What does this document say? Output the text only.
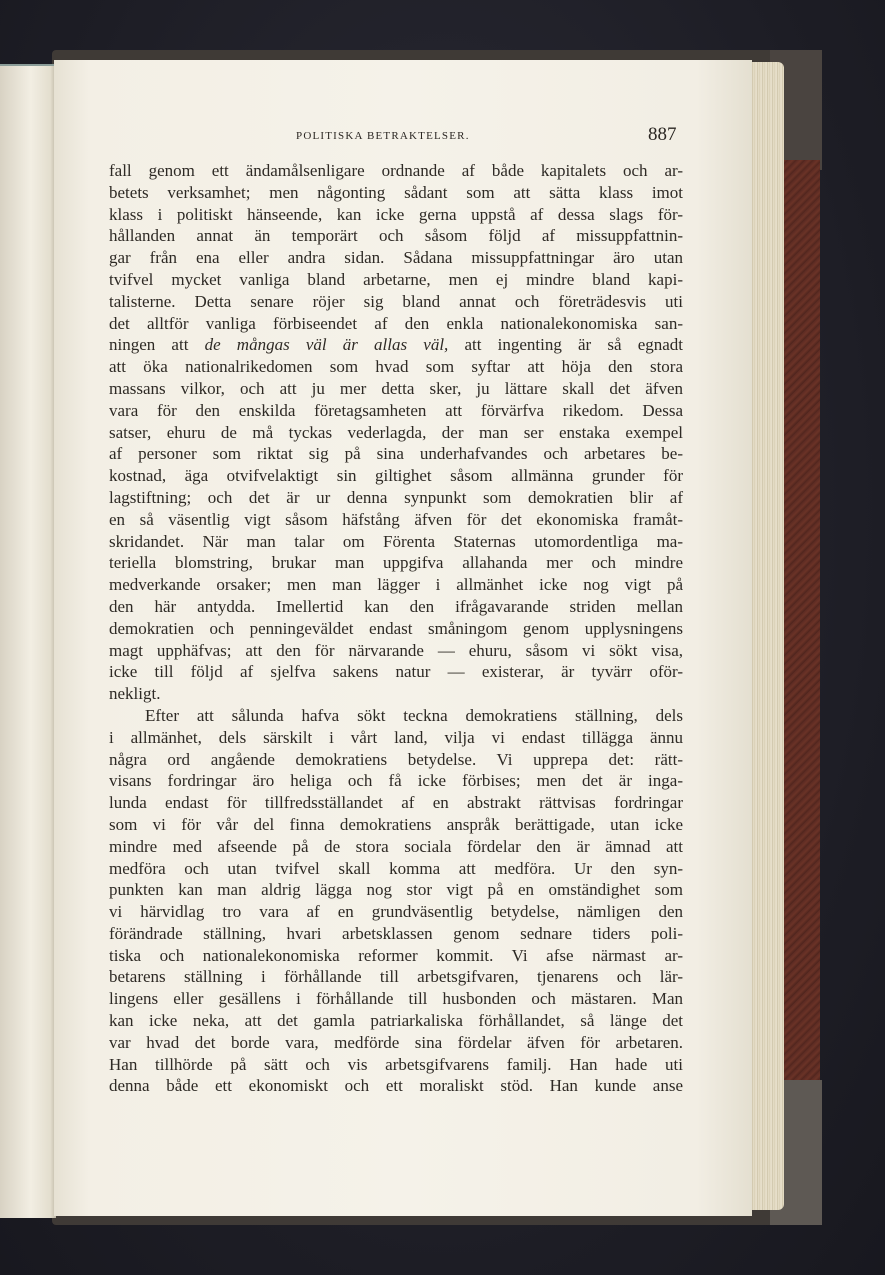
POLITISKA BETRAKTELSER.	887
fall genom ett ändamålsenligare ordnande af både kapitalets och ar-
betets verksamhet; men någonting sådant som att sätta klass imot
klass i politiskt hänseende, kan icke gerna uppstå af dessa slags för-
hållanden annat än temporärt och såsom följd af missuppfattnin-
gar från ena eller andra sidan. Sådana missuppfattningar äro utan
tvifvel mycket vanliga bland arbetarne, men ej mindre bland kapi-
talisterne. Detta senare röjer sig bland annat och företrädesvis uti
det alltför vanliga förbiseendet af den enkla nationalekonomiska san-
ningen att de mångas väl är allas väl, att ingenting är så egnadt
att öka nationalrikedomen som hvad som syftar att höja den stora
massans vilkor, och att ju mer detta sker, ju lättare skall det äfven
vara för den enskilda företagsamheten att förvärfva rikedom. Dessa
satser, ehuru de må tyckas vederlagda, der man ser enstaka exempel
af personer som riktat sig på sina underhafvandes och arbetares be-
kostnad, äga otvifvelaktigt sin giltighet såsom allmänna grunder för
lagstiftning; och det är ur denna synpunkt som demokratien blir af
en så väsentlig vigt såsom häfstång äfven för det ekonomiska framåt-
skridandet. När man talar om Förenta Staternas utomordentliga ma-
teriella blomstring, brukar man uppgifva allahanda mer och mindre
medverkande orsaker; men man lägger i allmänhet icke nog vigt på
den här antydda. Imellertid kan den ifrågavarande striden mellan
demokratien och penningeväldet endast småningom genom upplysningens
magt upphäfvas; att den för närvarande — ehuru, såsom vi sökt visa,
icke till följd af sjelfva sakens natur — existerar, är tyvärr oför-
nekligt.
Efter att sålunda hafva sökt teckna demokratiens ställning, dels
i allmänhet, dels särskilt i vårt land, vilja vi endast tillägga ännu
några ord angående demokratiens betydelse. Vi upprepa det: rätt-
visans fordringar äro heliga och få icke förbises; men det är inga-
lunda endast för tillfredsställandet af en abstrakt rättvisas fordringar
som vi för vår del finna demokratiens anspråk berättigade, utan icke
mindre med afseende på de stora sociala fördelar den är ämnad att
medföra och utan tvifvel skall komma att medföra. Ur den syn-
punkten kan man aldrig lägga nog stor vigt på en omständighet som
vi härvidlag tro vara af en grundväsentlig betydelse, nämligen den
förändrade ställning, hvari arbetsklassen genom sednare tiders poli-
tiska och nationalekonomiska reformer kommit. Vi afse närmast ar-
betarens ställning i förhållande till arbetsgifvaren, tjenarens och lär-
lingens eller gesällens i förhållande till husbonden och mästaren. Man
kan icke neka, att det gamla patriarkaliska förhållandet, så länge det
var hvad det borde vara, medförde sina fördelar äfven för arbetaren.
Han tillhörde på sätt och vis arbetsgifvarens familj. Han hade uti
denna både ett ekonomiskt och ett moraliskt stöd. Han kunde anse
